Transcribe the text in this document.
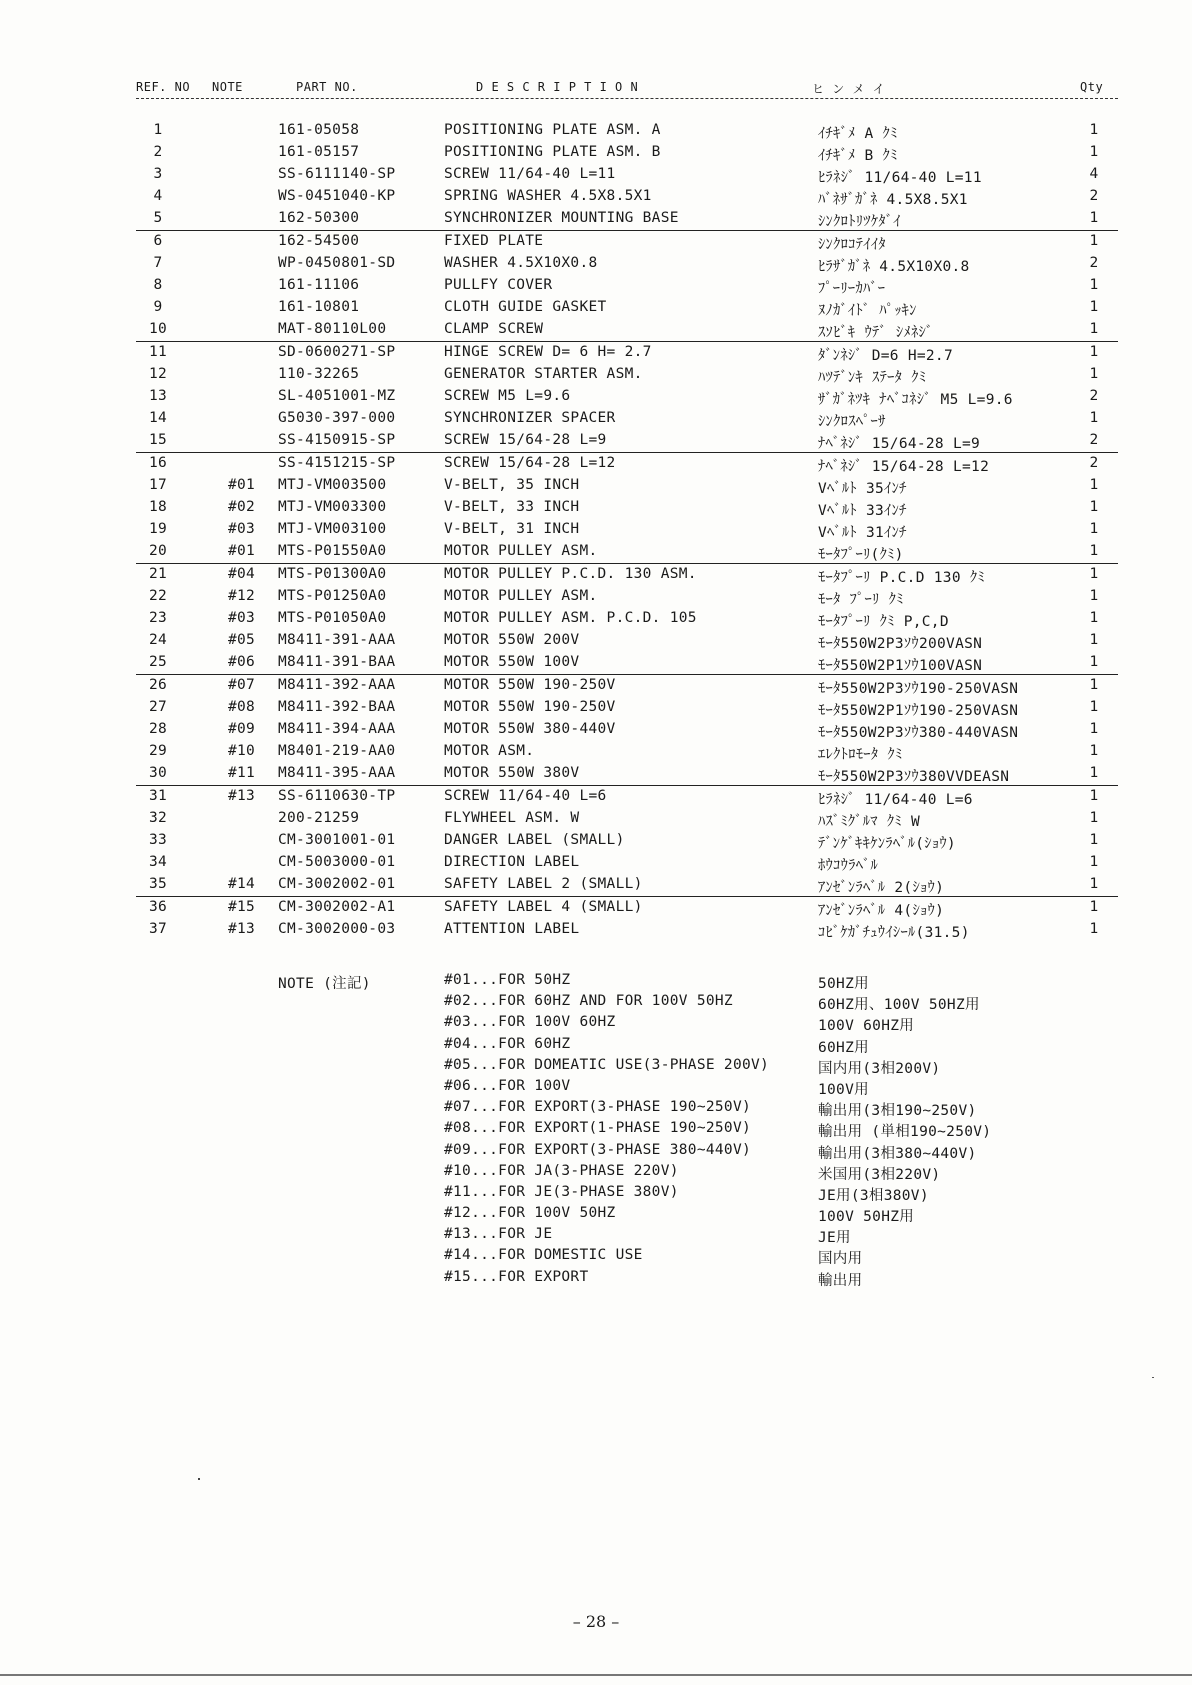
REF. NO NOTE	PART NO.	D E S C R I P T I O N	ヒ ン メ イ	Qty
1	161-05058	POSITIONING PLATE ASM. A	ｲﾁｷﾞﾒ A ｸﾐ	1
2	161-05157	POSITIONING PLATE ASM. B	ｲﾁｷﾞﾒ B ｸﾐ	1
3	SS-6111140-SP	SCREW 11/64-40 L=11	ﾋﾗﾈｼﾞ 11/64-40 L=11	4
4	WS-0451040-KP	SPRING WASHER 4.5X8.5X1	ﾊﾞﾈｻﾞｶﾞﾈ 4.5X8.5X1	2
5	162-50300	SYNCHRONIZER MOUNTING BASE	ｼﾝｸﾛﾄﾘﾂｹﾀﾞｲ	1
6	162-54500	FIXED PLATE	ｼﾝｸﾛｺﾃｲｲﾀ	1
7	WP-0450801-SD	WASHER 4.5X10X0.8	ﾋﾗｻﾞｶﾞﾈ 4.5X10X0.8	2
8	161-11106	PULLFY COVER	ﾌﾟｰﾘｰｶﾊﾞｰ	1
9	161-10801	CLOTH GUIDE GASKET	ﾇﾉｶﾞｲﾄﾞ ﾊﾟｯｷﾝ	1
10	MAT-80110L00	CLAMP SCREW	ｽｿﾋﾞｷ ｳﾃﾞ ｼﾒﾈｼﾞ	1
11	SD-0600271-SP	HINGE SCREW D= 6 H= 2.7	ﾀﾞﾝﾈｼﾞ D=6 H=2.7	1
12	110-32265	GENERATOR STARTER ASM.	ﾊﾂﾃﾞﾝｷ ｽﾃｰﾀ ｸﾐ	1
13	SL-4051001-MZ	SCREW M5 L=9.6	ｻﾞｶﾞﾈﾂｷ ﾅﾍﾞｺﾈｼﾞ M5 L=9.6	2
14	G5030-397-000	SYNCHRONIZER SPACER	ｼﾝｸﾛｽﾍﾟｰｻ	1
15	SS-4150915-SP	SCREW 15/64-28 L=9	ﾅﾍﾞﾈｼﾞ 15/64-28 L=9	2
16	SS-4151215-SP	SCREW 15/64-28 L=12	ﾅﾍﾞﾈｼﾞ 15/64-28 L=12	2
17	#01 MTJ-VM003500	V-BELT, 35 INCH	Vﾍﾞﾙﾄ 35ｲﾝﾁ	1
18	#02 MTJ-VM003300	V-BELT, 33 INCH	Vﾍﾞﾙﾄ 33ｲﾝﾁ	1
19	#03 MTJ-VM003100	V-BELT, 31 INCH	Vﾍﾞﾙﾄ 31ｲﾝﾁ	1
20	#01 MTS-P01550A0	MOTOR PULLEY ASM.	ﾓｰﾀﾌﾟｰﾘ(ｸﾐ)	1
21	#04 MTS-P01300A0	MOTOR PULLEY P.C.D. 130 ASM.	ﾓｰﾀﾌﾟｰﾘ P.C.D 130 ｸﾐ	1
22	#12 MTS-P01250A0	MOTOR PULLEY ASM.	ﾓｰﾀ ﾌﾟｰﾘ ｸﾐ	1
23	#03 MTS-P01050A0	MOTOR PULLEY ASM. P.C.D. 105	ﾓｰﾀﾌﾟｰﾘ ｸﾐ P,C,D	1
24	#05 M8411-391-AAA	MOTOR 550W 200V	ﾓｰﾀ550W2P3ｿｳ200VASN	1
25	#06 M8411-391-BAA	MOTOR 550W 100V	ﾓｰﾀ550W2P1ｿｳ100VASN	1
26	#07 M8411-392-AAA	MOTOR 550W 190-250V	ﾓｰﾀ550W2P3ｿｳ190-250VASN	1
27	#08 M8411-392-BAA	MOTOR 550W 190-250V	ﾓｰﾀ550W2P1ｿｳ190-250VASN	1
28	#09 M8411-394-AAA	MOTOR 550W 380-440V	ﾓｰﾀ550W2P3ｿｳ380-440VASN	1
29	#10 M8401-219-AA0	MOTOR ASM.	ｴﾚｸﾄﾛﾓｰﾀ ｸﾐ	1
30	#11 M8411-395-AAA	MOTOR 550W 380V	ﾓｰﾀ550W2P3ｿｳ380VVDEASN	1
31	#13 SS-6110630-TP	SCREW 11/64-40 L=6	ﾋﾗﾈｼﾞ 11/64-40 L=6	1
32	200-21259	FLYWHEEL ASM. W	ﾊｽﾞﾐｸﾞﾙﾏ ｸﾐ W	1
33	CM-3001001-01	DANGER LABEL (SMALL)	ﾃﾞﾝｹﾞｷｷｹﾝﾗﾍﾞﾙ(ｼｮｳ)	1
34	CM-5003000-01	DIRECTION LABEL	ﾎｳｺｳﾗﾍﾞﾙ	1
35	#14 CM-3002002-01	SAFETY LABEL 2 (SMALL)	ｱﾝｾﾞﾝﾗﾍﾞﾙ 2(ｼｮｳ)	1
36	#15 CM-3002002-A1	SAFETY LABEL 4 (SMALL)	ｱﾝｾﾞﾝﾗﾍﾞﾙ 4(ｼｮｳ)	1
37	#13 CM-3002000-03	ATTENTION LABEL	ｺﾋﾞｹｶﾞﾁｭｳｲｼｰﾙ(31.5)	1
NOTE (注記)	#01...FOR 50HZ	50HZ用
#02...FOR 60HZ AND FOR 100V 50HZ	60HZ用、100V 50HZ用
#03...FOR 100V 60HZ	100V 60HZ用
#04...FOR 60HZ	60HZ用
#05...FOR DOMEATIC USE(3-PHASE 200V)	国内用(3相200V)
#06...FOR 100V	100V用
#07...FOR EXPORT(3-PHASE 190~250V)	輸出用(3相190~250V)
#08...FOR EXPORT(1-PHASE 190~250V)	輸出用 (単相190~250V)
#09...FOR EXPORT(3-PHASE 380~440V)	輸出用(3相380~440V)
#10...FOR JA(3-PHASE 220V)	米国用(3相220V)
#11...FOR JE(3-PHASE 380V)	JE用(3相380V)
#12...FOR 100V 50HZ	100V 50HZ用
#13...FOR JE	JE用
#14...FOR DOMESTIC USE	国内用
#15...FOR EXPORT	輸出用
– 28 –
